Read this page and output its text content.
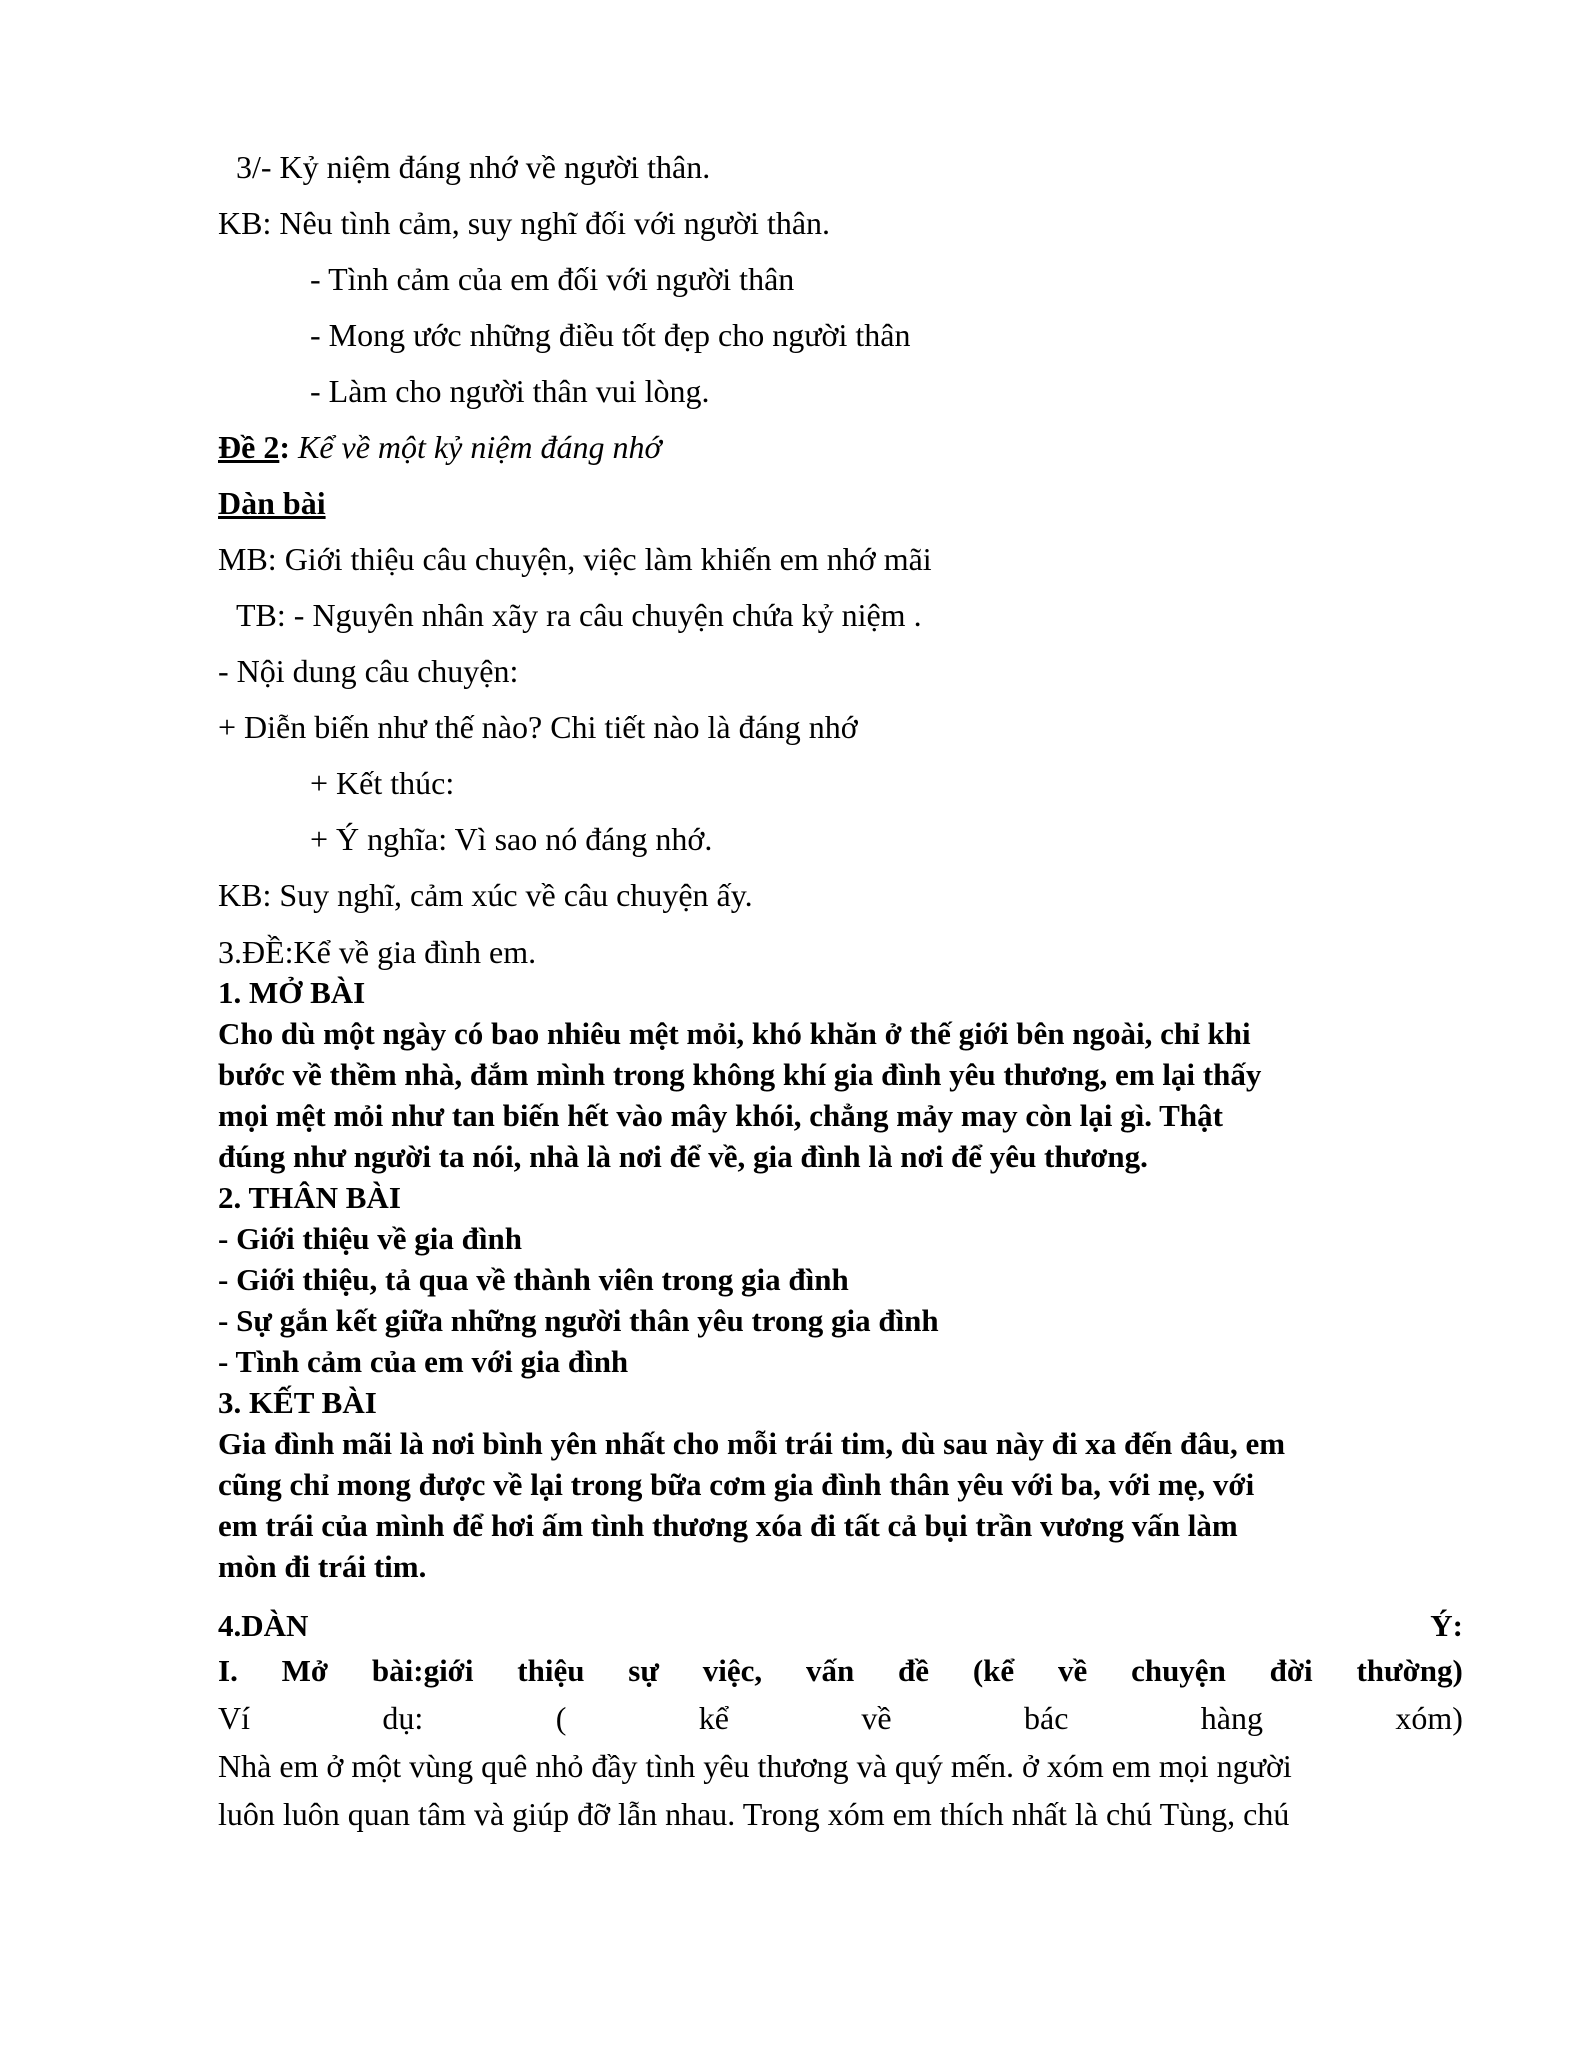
3/- Kỷ niệm đáng nhớ về người thân.
KB: Nêu tình cảm, suy nghĩ đối với người thân.
- Tình cảm của em đối với người thân
- Mong ước những điều tốt đẹp cho người thân
- Làm cho người thân vui lòng.
Đề 2: Kể về một kỷ niệm đáng nhớ
Dàn bài
MB: Giới thiệu câu chuyện, việc làm khiến em nhớ mãi
TB: - Nguyên nhân xãy ra câu chuyện chứa kỷ niệm .
- Nội dung câu chuyện:
+ Diễn biến như thế nào? Chi tiết nào là đáng nhớ
+ Kết thúc:
+ Ý nghĩa: Vì sao nó đáng nhớ.
KB: Suy nghĩ, cảm xúc về câu chuyện ấy.
3.ĐỀ:Kể về gia đình em.
1. MỞ BÀI
Cho dù một ngày có bao nhiêu mệt mỏi, khó khăn ở thế giới bên ngoài, chỉ khi
bước về thềm nhà, đắm mình trong không khí gia đình yêu thương, em lại thấy
mọi mệt mỏi như tan biến hết vào mây khói, chẳng mảy may còn lại gì. Thật
đúng như người ta nói, nhà là nơi để về, gia đình là nơi để yêu thương.
2. THÂN BÀI
- Giới thiệu về gia đình
- Giới thiệu, tả qua về thành viên trong gia đình
- Sự gắn kết giữa những người thân yêu trong gia đình
- Tình cảm của em với gia đình
3. KẾT BÀI
Gia đình mãi là nơi bình yên nhất cho mỗi trái tim, dù sau này đi xa đến đâu, em
cũng chỉ mong được về lại trong bữa cơm gia đình thân yêu với ba, với mẹ, với
em trái của mình để hơi ấm tình thương xóa đi tất cả bụi trần vương vấn làm
mòn đi trái tim.
4.DÀN	Ý:
I. Mở bài:giới thiệu sự việc, vấn đề (kể về chuyện đời thường)
Ví	dụ:	(	kể	về	bác	hàng	xóm)
Nhà em ở một vùng quê nhỏ đầy tình yêu thương và quý mến. ở xóm em mọi người
luôn luôn quan tâm và giúp đỡ lẫn nhau. Trong xóm em thích nhất là chú Tùng, chú
